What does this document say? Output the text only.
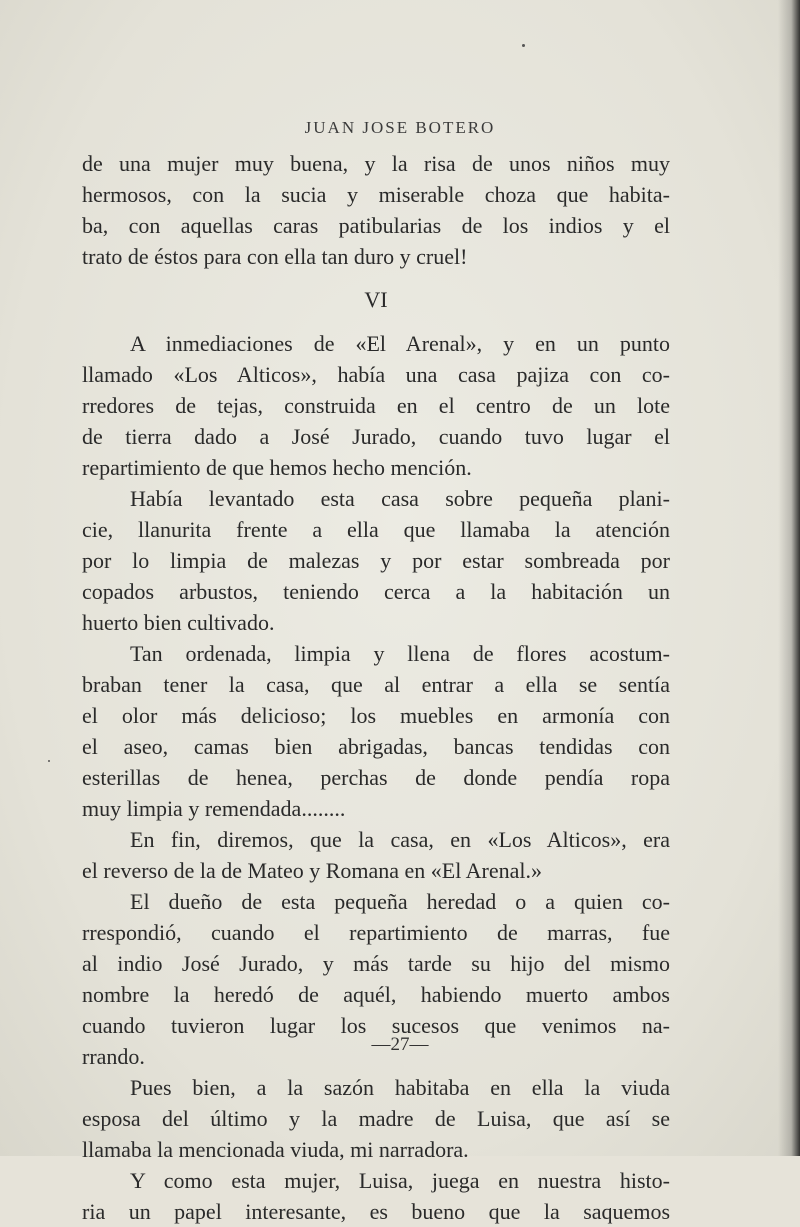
JUAN JOSE BOTERO
de una mujer muy buena, y la risa de unos niños muy
hermosos, con la sucia y miserable choza que habita-
ba, con aquellas caras patibularias de los indios y el
trato de éstos para con ella tan duro y cruel!
VI
A inmediaciones de «El Arenal», y en un punto
llamado «Los Alticos», había una casa pajiza con co-
rredores de tejas, construida en el centro de un lote
de tierra dado a José Jurado, cuando tuvo lugar el
repartimiento de que hemos hecho mención.
Había levantado esta casa sobre pequeña plani-
cie, llanurita frente a ella que llamaba la atención
por lo limpia de malezas y por estar sombreada por
copados arbustos, teniendo cerca a la habitación un
huerto bien cultivado.
Tan ordenada, limpia y llena de flores acostum-
braban tener la casa, que al entrar a ella se sentía
el olor más delicioso; los muebles en armonía con
el aseo, camas bien abrigadas, bancas tendidas con
esterillas de henea, perchas de donde pendía ropa
muy limpia y remendada........
En fin, diremos, que la casa, en «Los Alticos», era
el reverso de la de Mateo y Romana en «El Arenal.»
El dueño de esta pequeña heredad o a quien co-
rrespondió, cuando el repartimiento de marras, fue
al indio José Jurado, y más tarde su hijo del mismo
nombre la heredó de aquél, habiendo muerto ambos
cuando tuvieron lugar los sucesos que venimos na-
rrando.
Pues bien, a la sazón habitaba en ella la viuda
esposa del último y la madre de Luisa, que así se
llamaba la mencionada viuda, mi narradora.
Y como esta mujer, Luisa, juega en nuestra histo-
ria un papel interesante, es bueno que la saquemos
—27—
